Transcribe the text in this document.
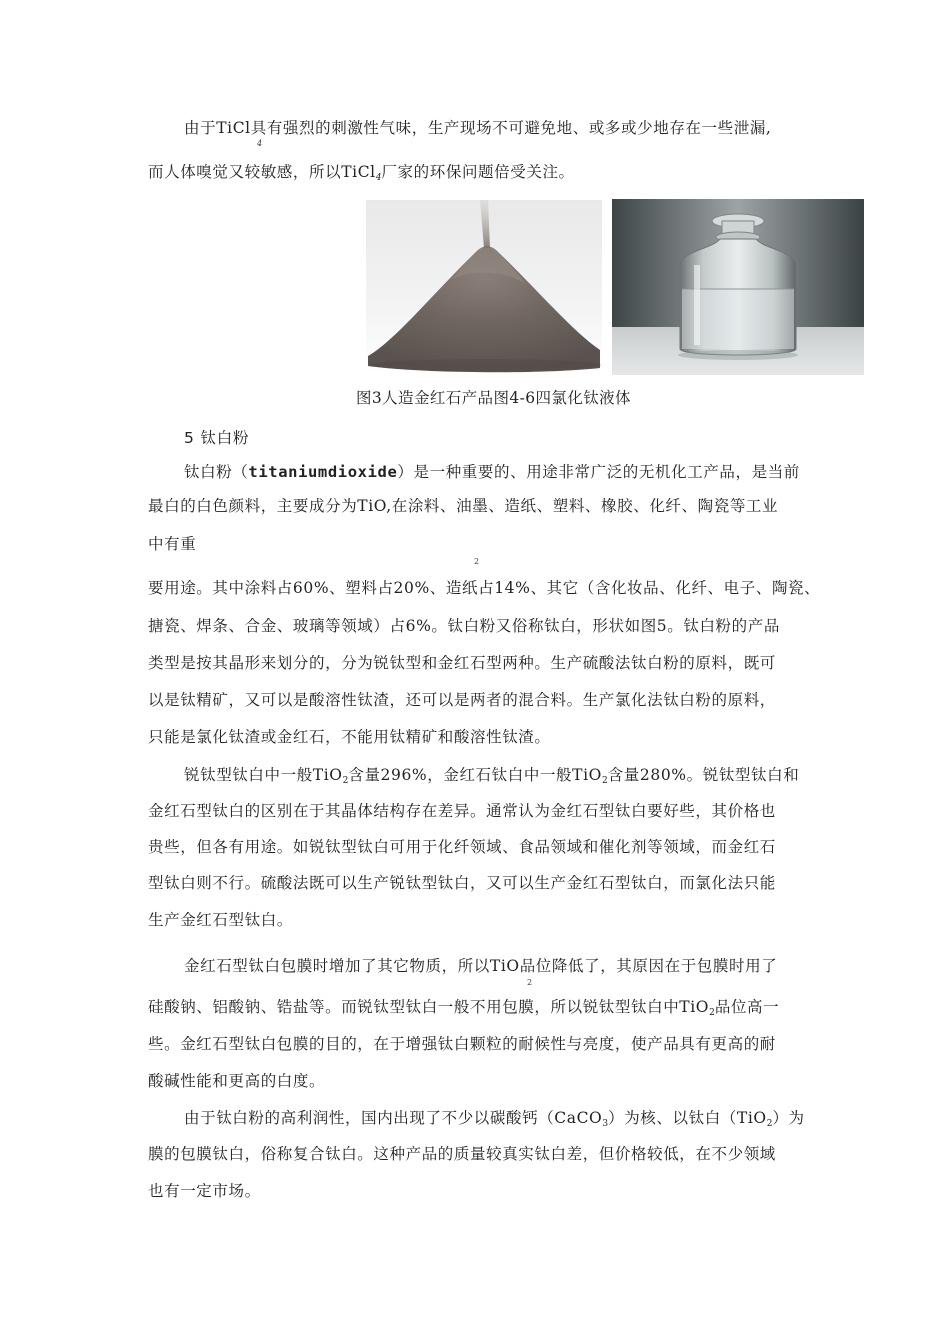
由于TiCl具有强烈的刺激性气味，生产现场不可避免地、或多或少地存在一些泄漏,
4
而人体嗅觉又较敏感，所以TiCl4厂家的环保问题倍受关注。
图3人造金红石产品图4-6四氯化钛液体
5 钛白粉
钛白粉（titaniumdioxide）是一种重要的、用途非常广泛的无机化工产品，是当前
最白的白色颜料，主要成分为TiO,在涂料、油墨、造纸、塑料、橡胶、化纤、陶瓷等工业
中有重
2
要用途。其中涂料占60%、塑料占20%、造纸占14%、其它（含化妆品、化纤、电子、陶瓷、
搪瓷、焊条、合金、玻璃等领域）占6%。钛白粉又俗称钛白，形状如图5。钛白粉的产品
类型是按其晶形来划分的，分为锐钛型和金红石型两种。生产硫酸法钛白粉的原料，既可
以是钛精矿，又可以是酸溶性钛渣，还可以是两者的混合料。生产氯化法钛白粉的原料，
只能是氯化钛渣或金红石，不能用钛精矿和酸溶性钛渣。
锐钛型钛白中一般TiO2含量296%，金红石钛白中一般TiO2含量280%。锐钛型钛白和
金红石型钛白的区别在于其晶体结构存在差异。通常认为金红石型钛白要好些，其价格也
贵些，但各有用途。如锐钛型钛白可用于化纤领域、食品领域和催化剂等领域，而金红石
型钛白则不行。硫酸法既可以生产锐钛型钛白，又可以生产金红石型钛白，而氯化法只能
生产金红石型钛白。
金红石型钛白包膜时增加了其它物质，所以TiO品位降低了，其原因在于包膜时用了
2
硅酸钠、铝酸钠、锆盐等。而锐钛型钛白一般不用包膜，所以锐钛型钛白中TiO2品位高一
些。金红石型钛白包膜的目的，在于增强钛白颗粒的耐候性与亮度，使产品具有更高的耐
酸碱性能和更高的白度。
由于钛白粉的高利润性，国内出现了不少以碳酸钙（CaCO3）为核、以钛白（TiO2）为
膜的包膜钛白，俗称复合钛白。这种产品的质量较真实钛白差，但价格较低，在不少领域
也有一定市场。
